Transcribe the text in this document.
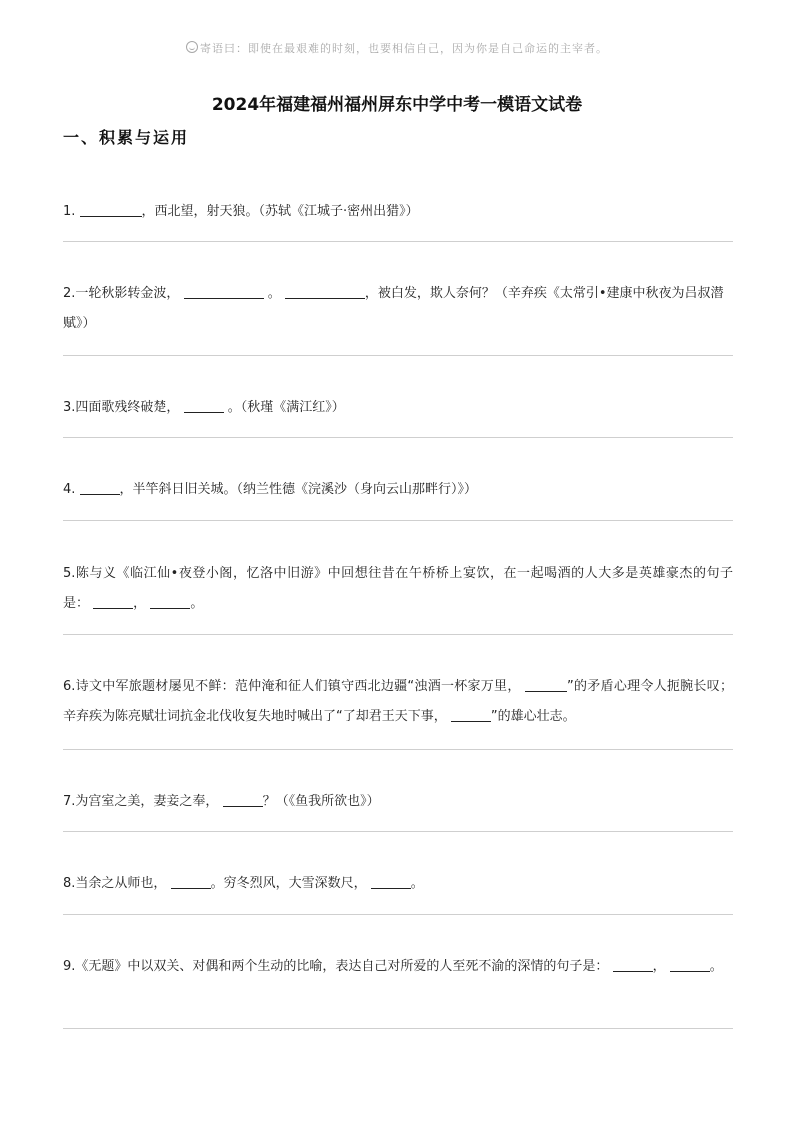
寄语曰：即使在最艰难的时刻，也要相信自己，因为你是自己命运的主宰者。
2024年福建福州福州屏东中学中考一模语文试卷
一、积累与运用
1.	，西北望，射天狼。（苏轼《江城子·密州出猎》）
2.一轮秋影转金波，	。	，被白发，欺人奈何？（辛弃疾《太常引•建康中秋夜为吕叔潜赋》）
3.四面歌残终破楚，	。（秋瑾《满江红》）
4.	，半竿斜日旧关城。（纳兰性德《浣溪沙（身向云山那畔行）》）
5.陈与义《临江仙•夜登小阁，忆洛中旧游》中回想往昔在午桥桥上宴饮，在一起喝酒的人大多是英雄豪杰的句子是：	，	。
6.诗文中军旅题材屡见不鲜：范仲淹和征人们镇守西北边疆“浊酒一杯家万里，	”的矛盾心理令人扼腕长叹；辛弃疾为陈亮赋壮词抗金北伐收复失地时喊出了“了却君王天下事，	”的雄心壮志。
7.为宫室之美，妻妾之奉，	？（《鱼我所欲也》）
8.当余之从师也，	。穷冬烈风，大雪深数尺，	。
9.《无题》中以双关、对偶和两个生动的比喻，表达自己对所爱的人至死不渝的深情的句子是：	，	。
